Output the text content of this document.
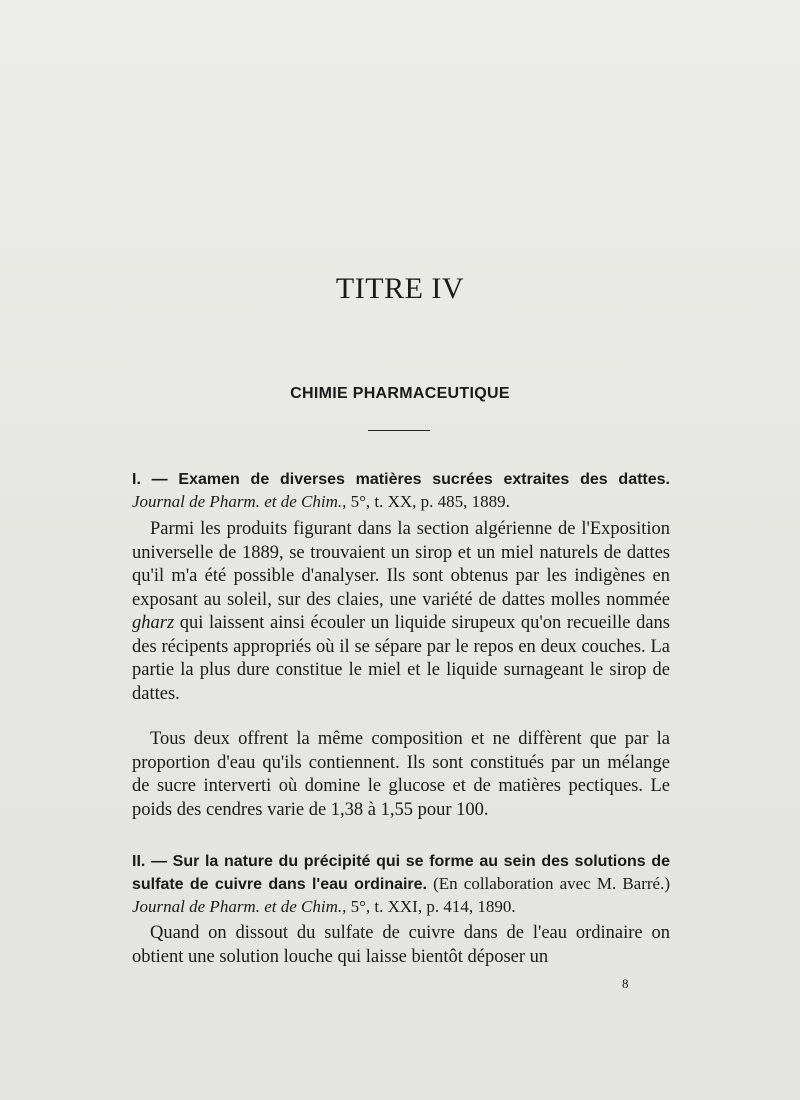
TITRE IV
CHIMIE PHARMACEUTIQUE
I. — Examen de diverses matières sucrées extraites des dattes. Journal de Pharm. et de Chim., 5°, t. XX, p. 485, 1889.
Parmi les produits figurant dans la section algérienne de l'Exposition universelle de 1889, se trouvaient un sirop et un miel naturels de dattes qu'il m'a été possible d'analyser. Ils sont obtenus par les indigènes en exposant au soleil, sur des claies, une variété de dattes molles nommée gharz qui laissent ainsi écouler un liquide sirupeux qu'on recueille dans des récipents appropriés où il se sépare par le repos en deux couches. La partie la plus dure constitue le miel et le liquide surnageant le sirop de dattes.
Tous deux offrent la même composition et ne diffèrent que par la proportion d'eau qu'ils contiennent. Ils sont constitués par un mélange de sucre interverti où domine le glucose et de matières pectiques. Le poids des cendres varie de 1,38 à 1,55 pour 100.
II. — Sur la nature du précipité qui se forme au sein des solutions de sulfate de cuivre dans l'eau ordinaire. (En collaboration avec M. Barré.) Journal de Pharm. et de Chim., 5°, t. XXI, p. 414, 1890.
Quand on dissout du sulfate de cuivre dans de l'eau ordinaire on obtient une solution louche qui laisse bientôt déposer un
8
